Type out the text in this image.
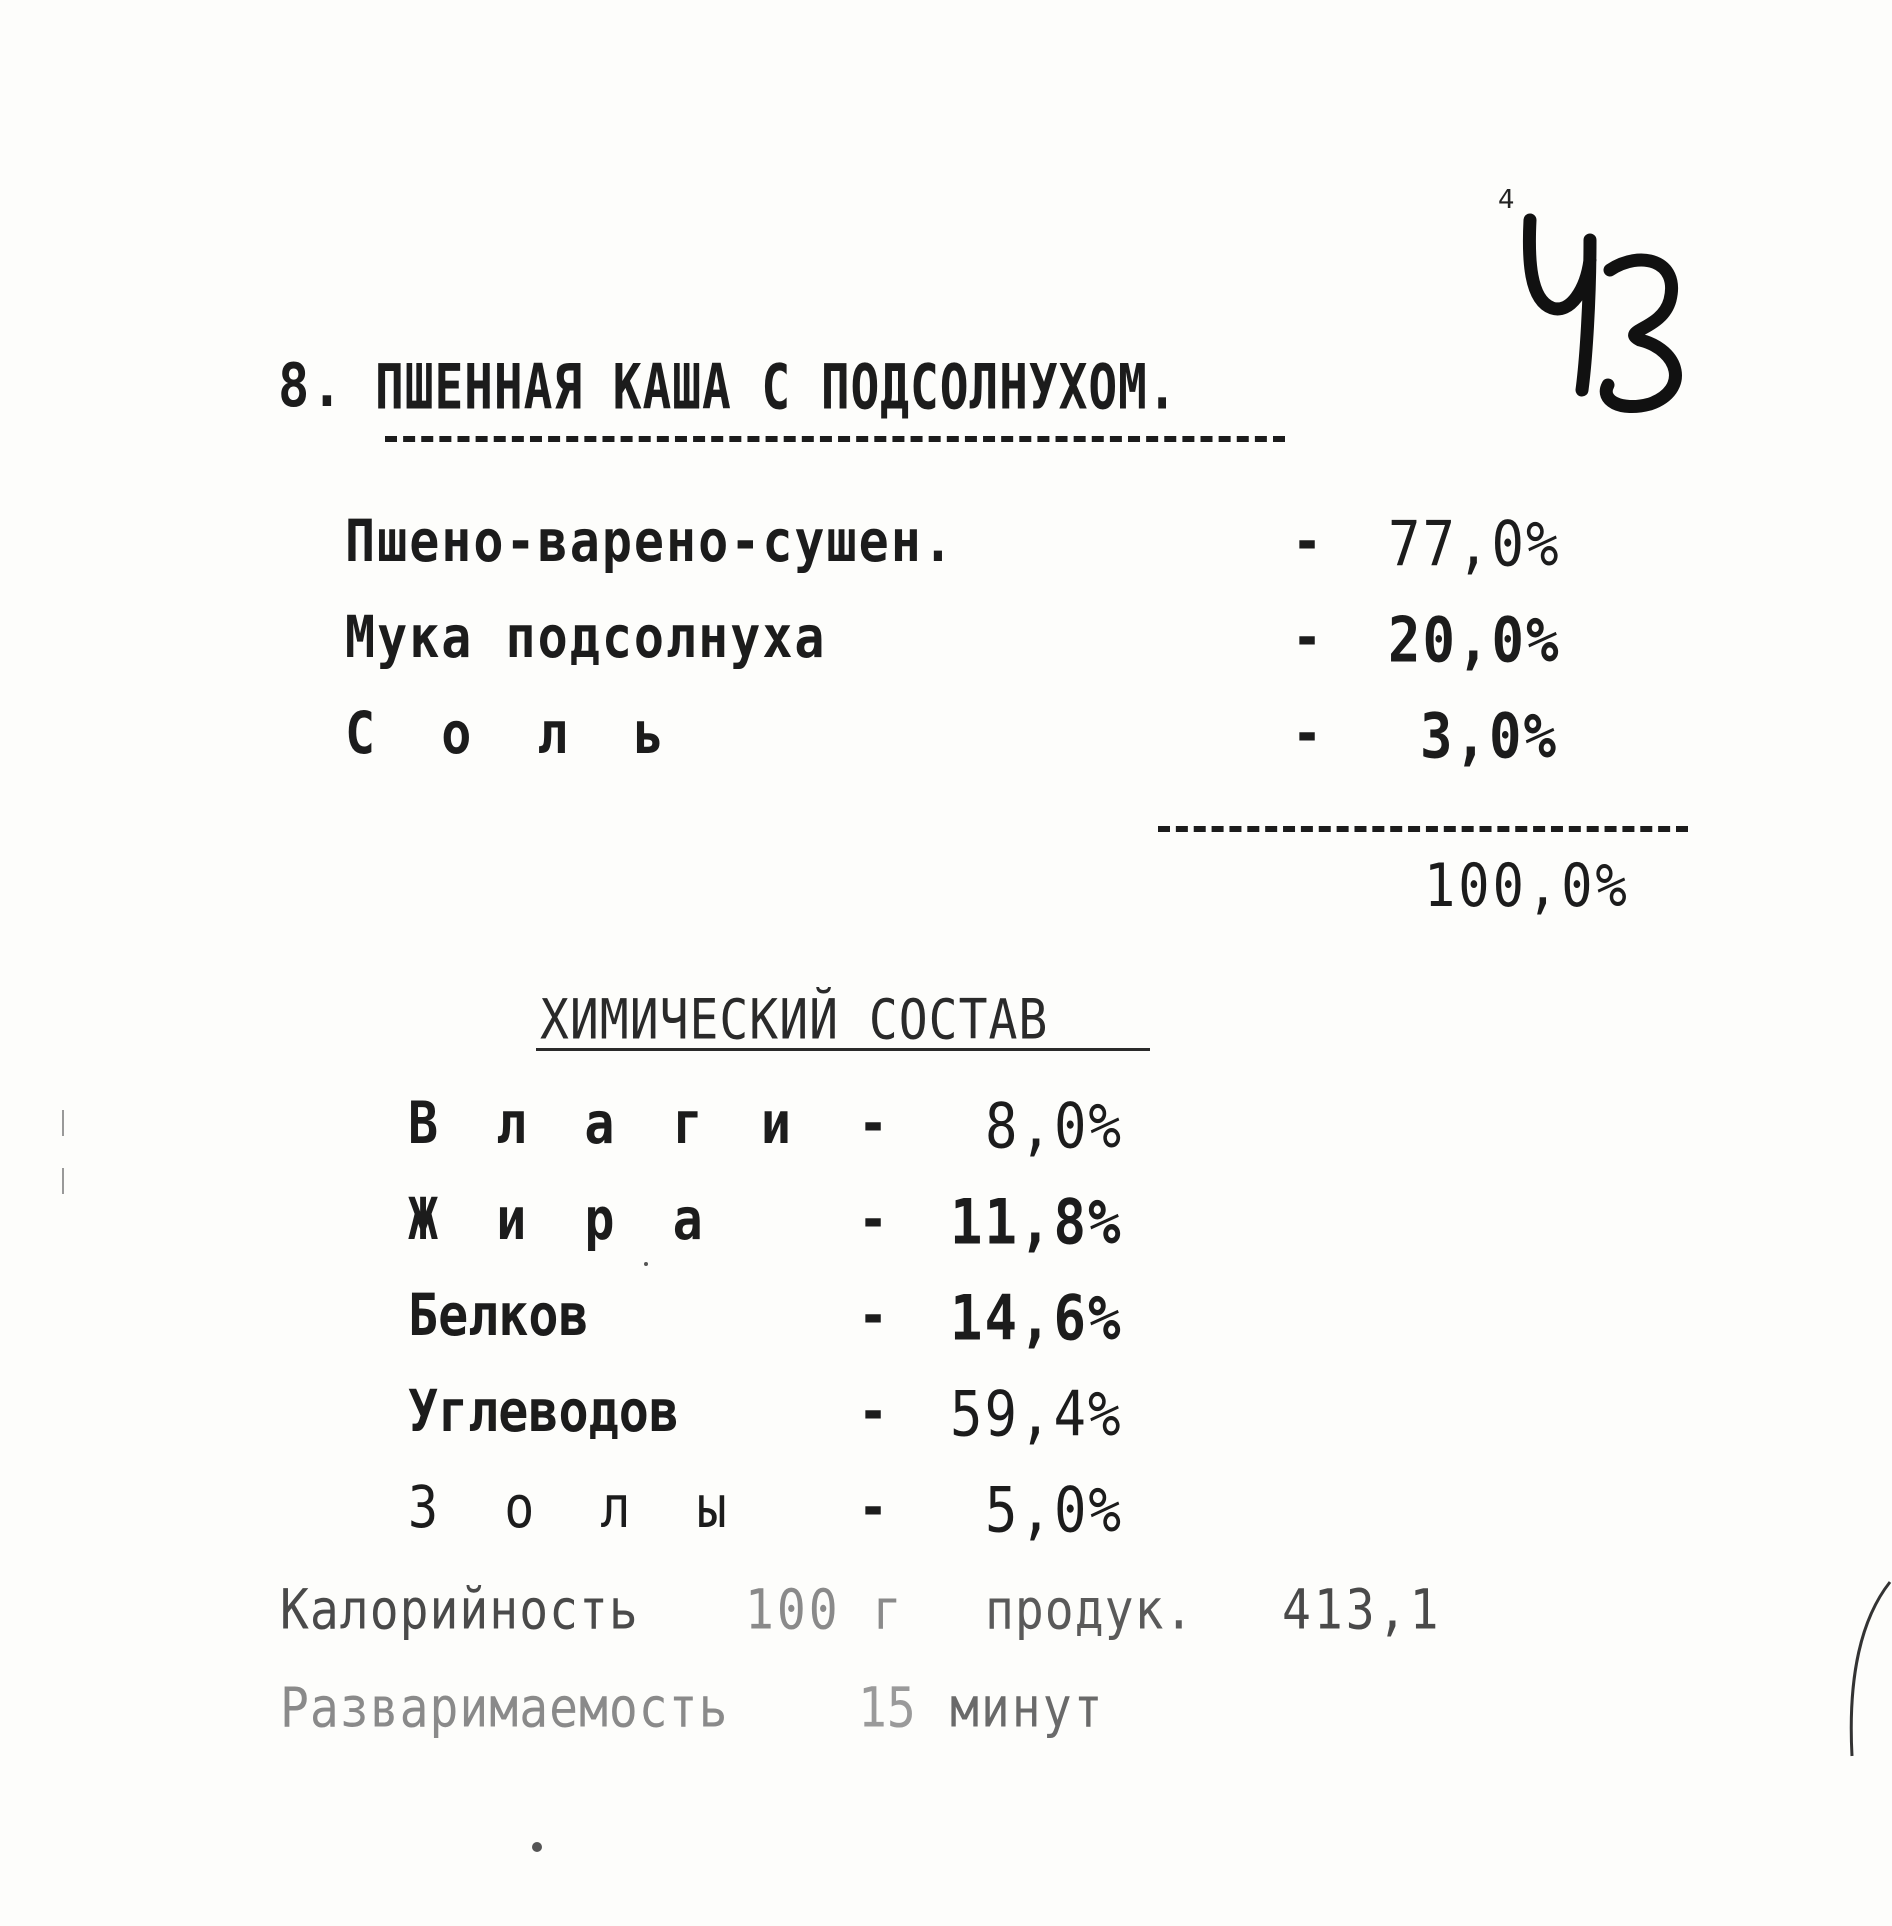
4
8. ПШЕННАЯ КАША С ПОДСОЛНУХОМ.
Пшено-варено-сушен.	- 77,0%
Мука подсолнуха	- 20,0%
С о л ь	- 3,0%
100,0%
ХИМИЧЕСКИЙ СОСТАВ
В л а г и - 8,0%
Ж и р а	- 11,8%
Белков	- 14,6%
Углеводов	- 59,4%
З о л ы - 5,0%
Калорийность 100 г продук. 413,1
Разваримаемость	15 минут
